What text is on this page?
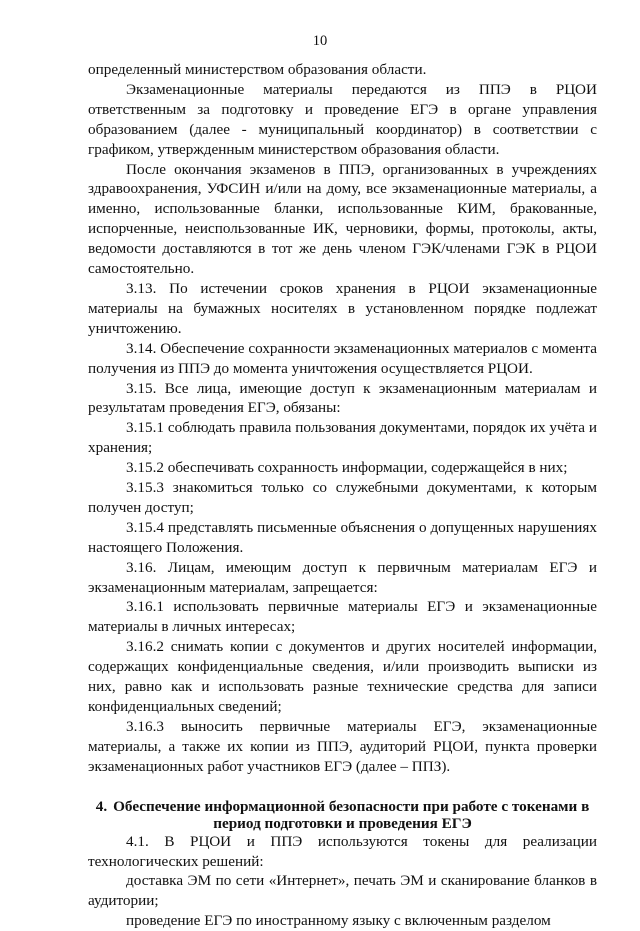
10

определенный министерством образования области.

Экзаменационные материалы передаются из ППЭ в РЦОИ ответственным за подготовку и проведение ЕГЭ в органе управления образованием (далее - муниципальный координатор) в соответствии с графиком, утвержденным министерством образования области.

После окончания экзаменов в ППЭ, организованных в учреждениях здравоохранения, УФСИН и/или на дому, все экзаменационные материалы, а именно, использованные бланки, использованные КИМ, бракованные, испорченные, неиспользованные ИК, черновики, формы, протоколы, акты, ведомости доставляются в тот же день членом ГЭК/членами ГЭК в РЦОИ самостоятельно.

3.13. По истечении сроков хранения в РЦОИ экзаменационные материалы на бумажных носителях в установленном порядке подлежат уничтожению.

3.14. Обеспечение сохранности экзаменационных материалов с момента получения из ППЭ до момента уничтожения осуществляется РЦОИ.

3.15. Все лица, имеющие доступ к экзаменационным материалам и результатам проведения ЕГЭ, обязаны:

3.15.1 соблюдать правила пользования документами, порядок их учёта и хранения;

3.15.2 обеспечивать сохранность информации, содержащейся в них;

3.15.3 знакомиться только со служебными документами, к которым получен доступ;

3.15.4 представлять письменные объяснения о допущенных нарушениях настоящего Положения.

3.16. Лицам, имеющим доступ к первичным материалам ЕГЭ и экзаменационным материалам, запрещается:

3.16.1 использовать первичные материалы ЕГЭ и экзаменационные материалы в личных интересах;

3.16.2 снимать копии с документов и других носителей информации, содержащих конфиденциальные сведения, и/или производить выписки из них, равно как и использовать разные технические средства для записи конфиденциальных сведений;

3.16.3 выносить первичные материалы ЕГЭ, экзаменационные материалы, а также их копии из ППЭ, аудиторий РЦОИ, пункта проверки экзаменационных работ участников ЕГЭ (далее – ППЗ).

4. Обеспечение информационной безопасности при работе с токенами в период подготовки и проведения ЕГЭ

4.1. В РЦОИ и ППЭ используются токены для реализации технологических решений:

доставка ЭМ по сети «Интернет», печать ЭМ и сканирование бланков в аудитории;

проведение ЕГЭ по иностранному языку с включенным разделом
